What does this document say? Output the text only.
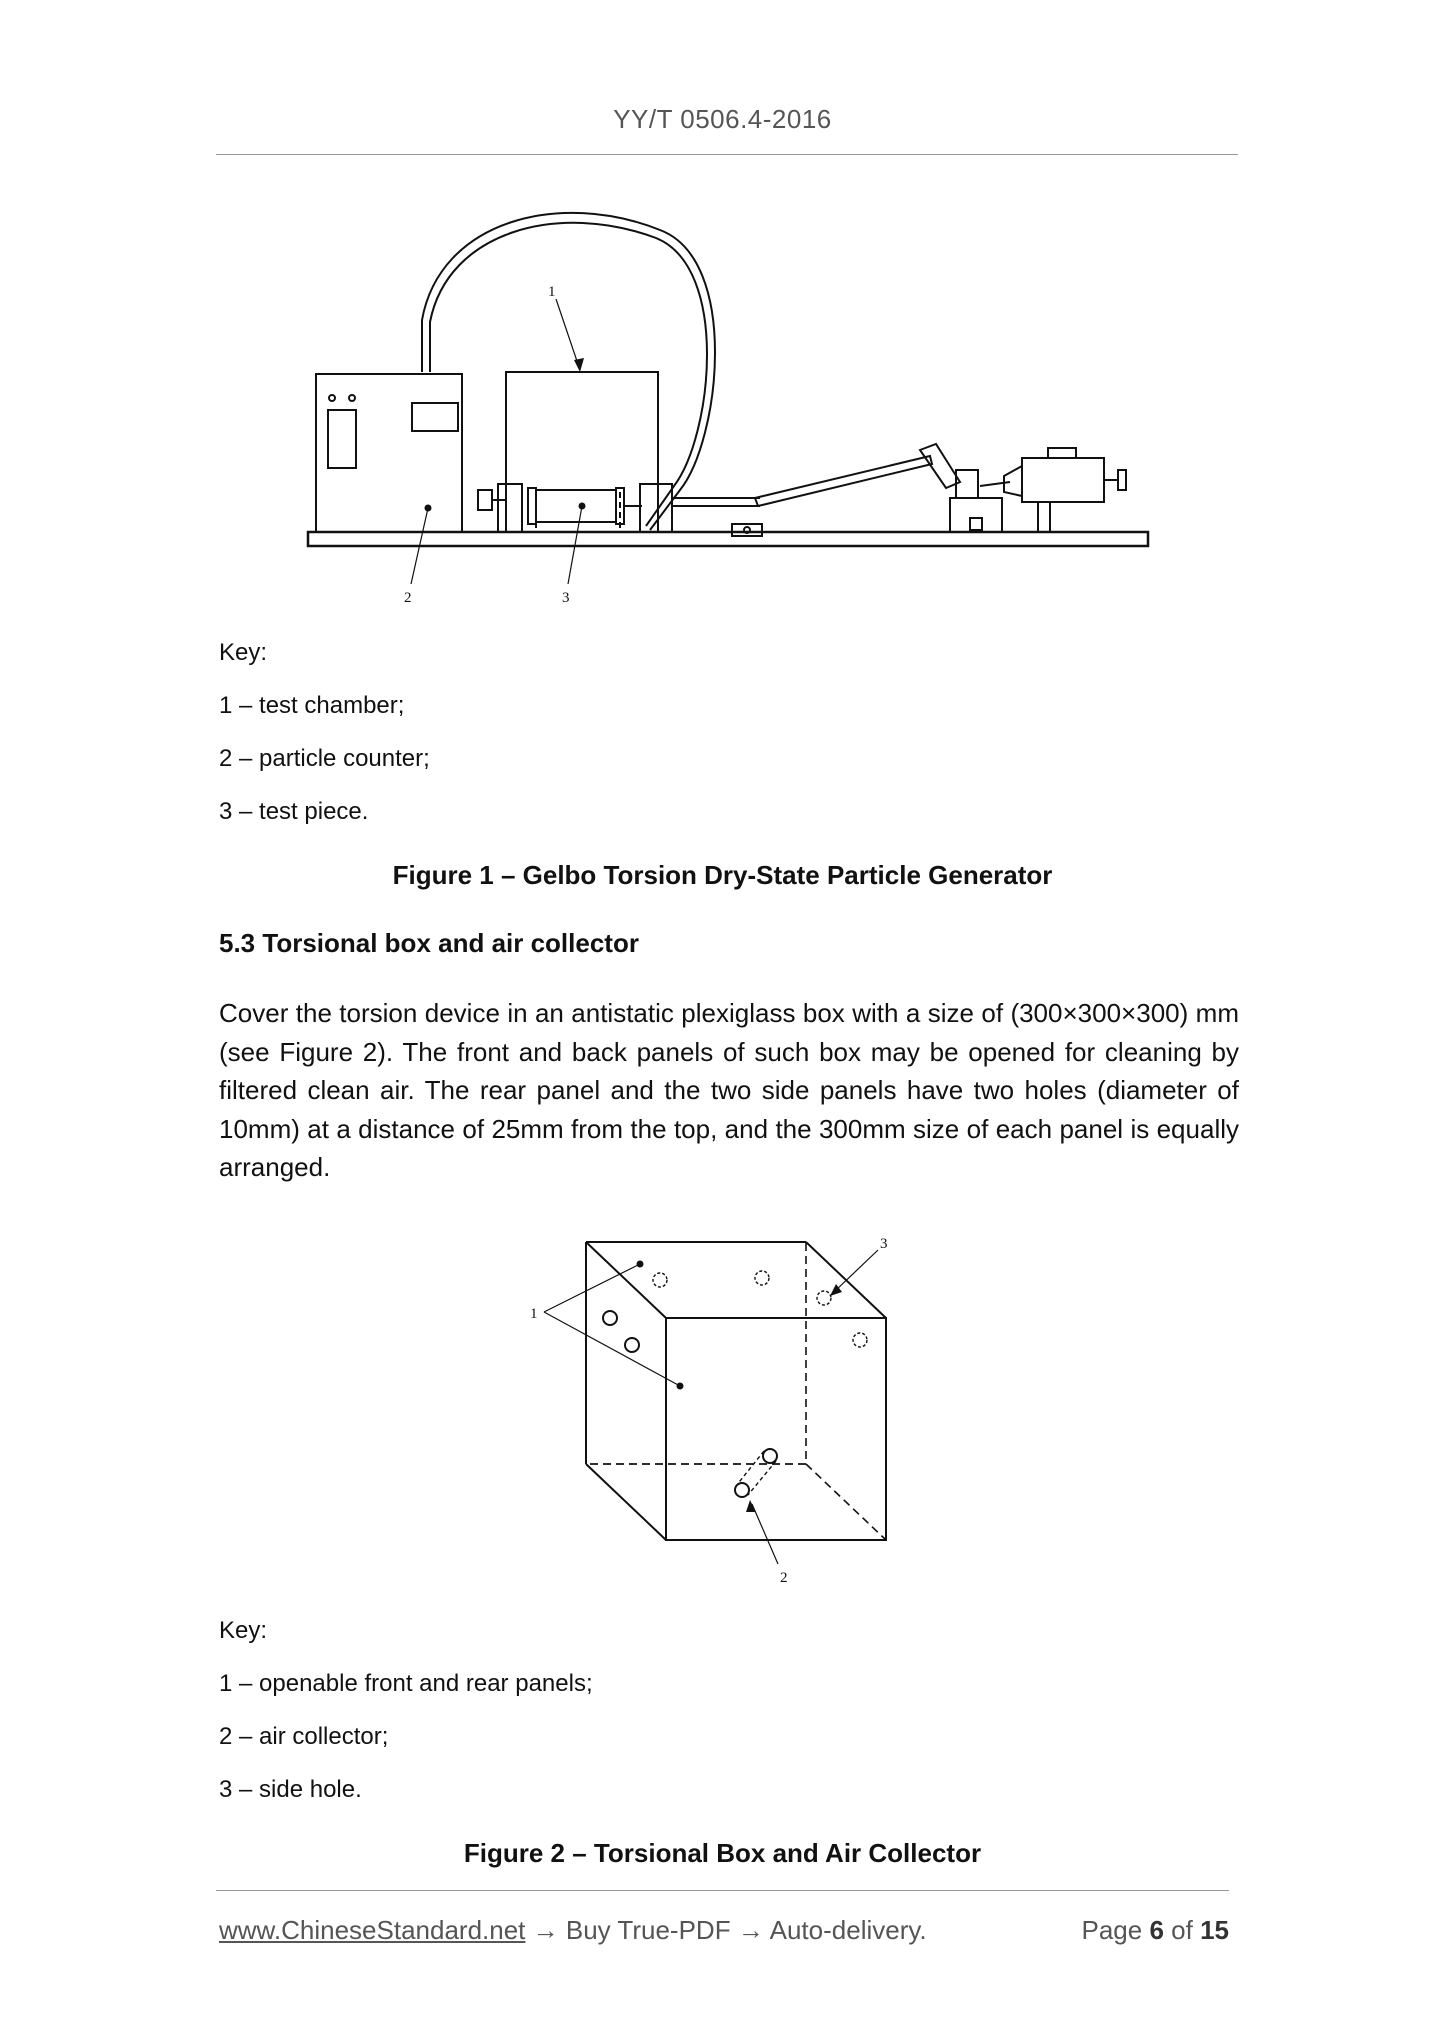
YY/T 0506.4-2016
1
2	3
Key:
1 – test chamber;
2 – particle counter;
3 – test piece.
Figure 1 – Gelbo Torsion Dry-State Particle Generator
5.3 Torsional box and air collector
Cover the torsion device in an antistatic plexiglass box with a size of (300×300×300) mm (see Figure 2). The front and back panels of such box may be opened for cleaning by filtered clean air. The rear panel and the two side panels have two holes (diameter of 10mm) at a distance of 25mm from the top, and the 300mm size of each panel is equally arranged.
1
2
3
Key:
1 – openable front and rear panels;
2 – air collector;
3 – side hole.
Figure 2 – Torsional Box and Air Collector
www.ChineseStandard.net → Buy True-PDF → Auto-delivery.	Page 6 of 15
